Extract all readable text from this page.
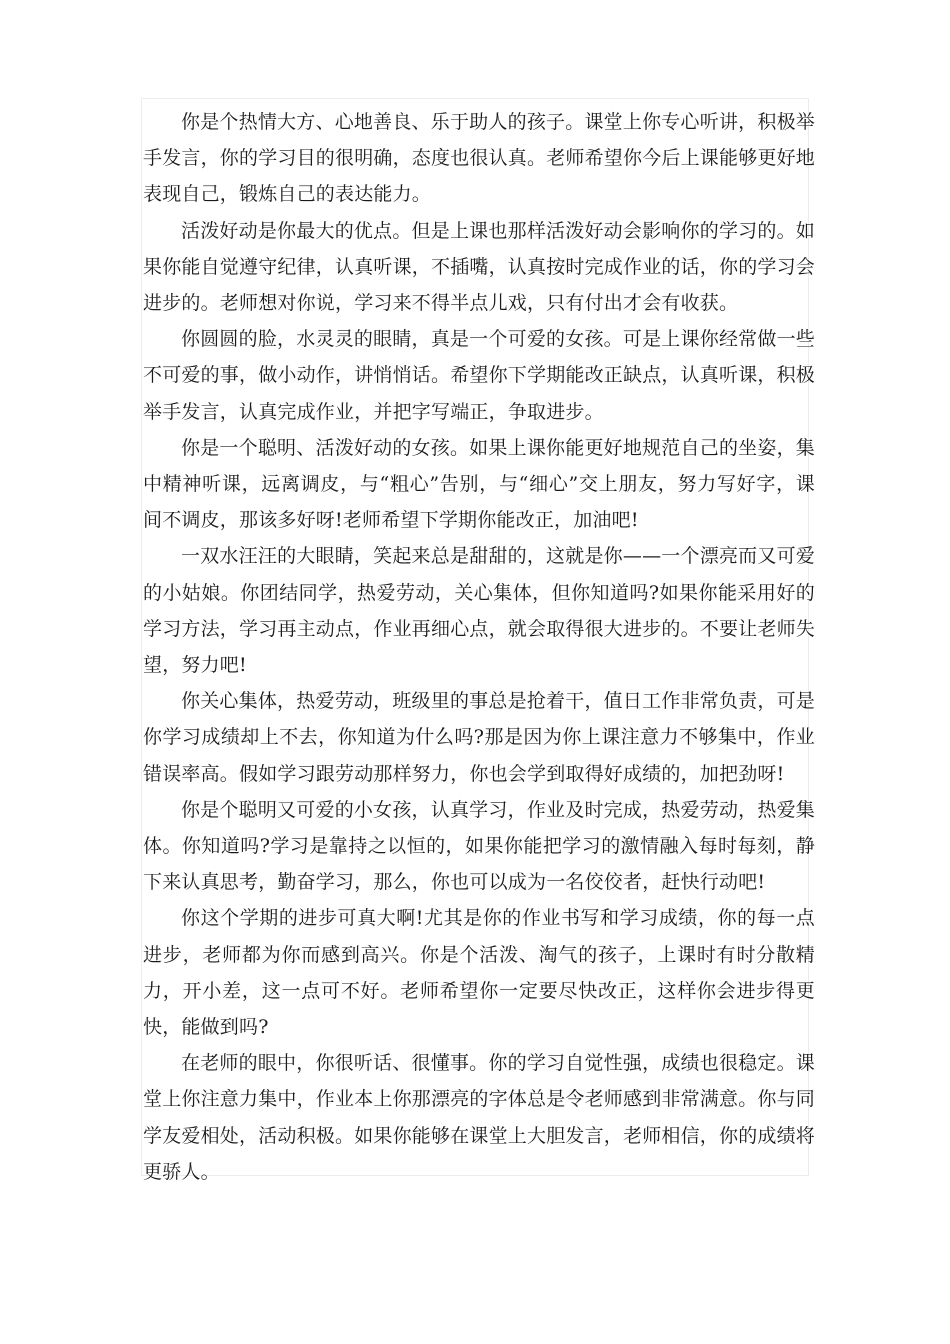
你是个热情大方、心地善良、乐于助人的孩子。课堂上你专心听讲，积极举手发言，你的学习目的很明确，态度也很认真。老师希望你今后上课能够更好地表现自己，锻炼自己的表达能力。

活泼好动是你最大的优点。但是上课也那样活泼好动会影响你的学习的。如果你能自觉遵守纪律，认真听课，不插嘴，认真按时完成作业的话，你的学习会进步的。老师想对你说，学习来不得半点儿戏，只有付出才会有收获。

你圆圆的脸，水灵灵的眼睛，真是一个可爱的女孩。可是上课你经常做一些不可爱的事，做小动作，讲悄悄话。希望你下学期能改正缺点，认真听课，积极举手发言，认真完成作业，并把字写端正，争取进步。

你是一个聪明、活泼好动的女孩。如果上课你能更好地规范自己的坐姿，集中精神听课，远离调皮，与“粗心”告别，与“细心”交上朋友，努力写好字，课间不调皮，那该多好呀!老师希望下学期你能改正，加油吧!

一双水汪汪的大眼睛，笑起来总是甜甜的，这就是你——一个漂亮而又可爱的小姑娘。你团结同学，热爱劳动，关心集体，但你知道吗?如果你能采用好的学习方法，学习再主动点，作业再细心点，就会取得很大进步的。不要让老师失望，努力吧!

你关心集体，热爱劳动，班级里的事总是抢着干，值日工作非常负责，可是你学习成绩却上不去，你知道为什么吗?那是因为你上课注意力不够集中，作业错误率高。假如学习跟劳动那样努力，你也会学到取得好成绩的，加把劲呀!

你是个聪明又可爱的小女孩，认真学习，作业及时完成，热爱劳动，热爱集体。你知道吗?学习是靠持之以恒的，如果你能把学习的激情融入每时每刻，静下来认真思考，勤奋学习，那么，你也可以成为一名佼佼者，赶快行动吧!

你这个学期的进步可真大啊!尤其是你的作业书写和学习成绩，你的每一点进步，老师都为你而感到高兴。你是个活泼、淘气的孩子，上课时有时分散精力，开小差，这一点可不好。老师希望你一定要尽快改正，这样你会进步得更快，能做到吗?

在老师的眼中，你很听话、很懂事。你的学习自觉性强，成绩也很稳定。课堂上你注意力集中，作业本上你那漂亮的字体总是令老师感到非常满意。你与同学友爱相处，活动积极。如果你能够在课堂上大胆发言，老师相信，你的成绩将更骄人。
